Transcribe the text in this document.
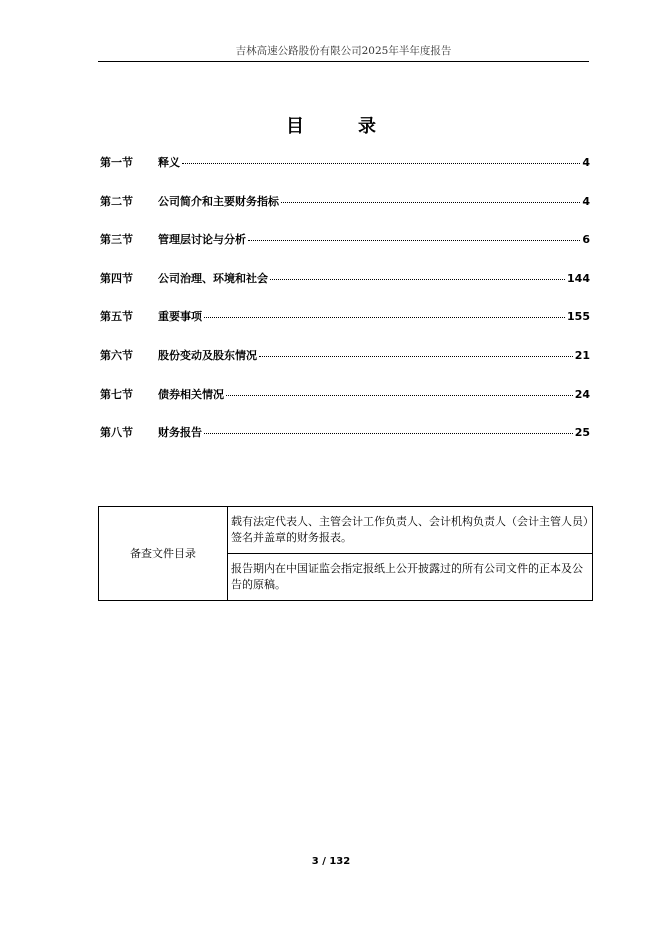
吉林高速公路股份有限公司2025年半年度报告
目	录
第一节	释义	4
第二节	公司简介和主要财务指标	4
第三节	管理层讨论与分析	6
第四节	公司治理、环境和社会	144
第五节	重要事项	155
第六节	股份变动及股东情况	21
第七节	债券相关情况	24
第八节	财务报告	25
备查文件目录	载有法定代表人、主管会计工作负责人、会计机构负责人（会计主管人员）签名并盖章的财务报表。
报告期内在中国证监会指定报纸上公开披露过的所有公司文件的正本及公告的原稿。
3 / 132
